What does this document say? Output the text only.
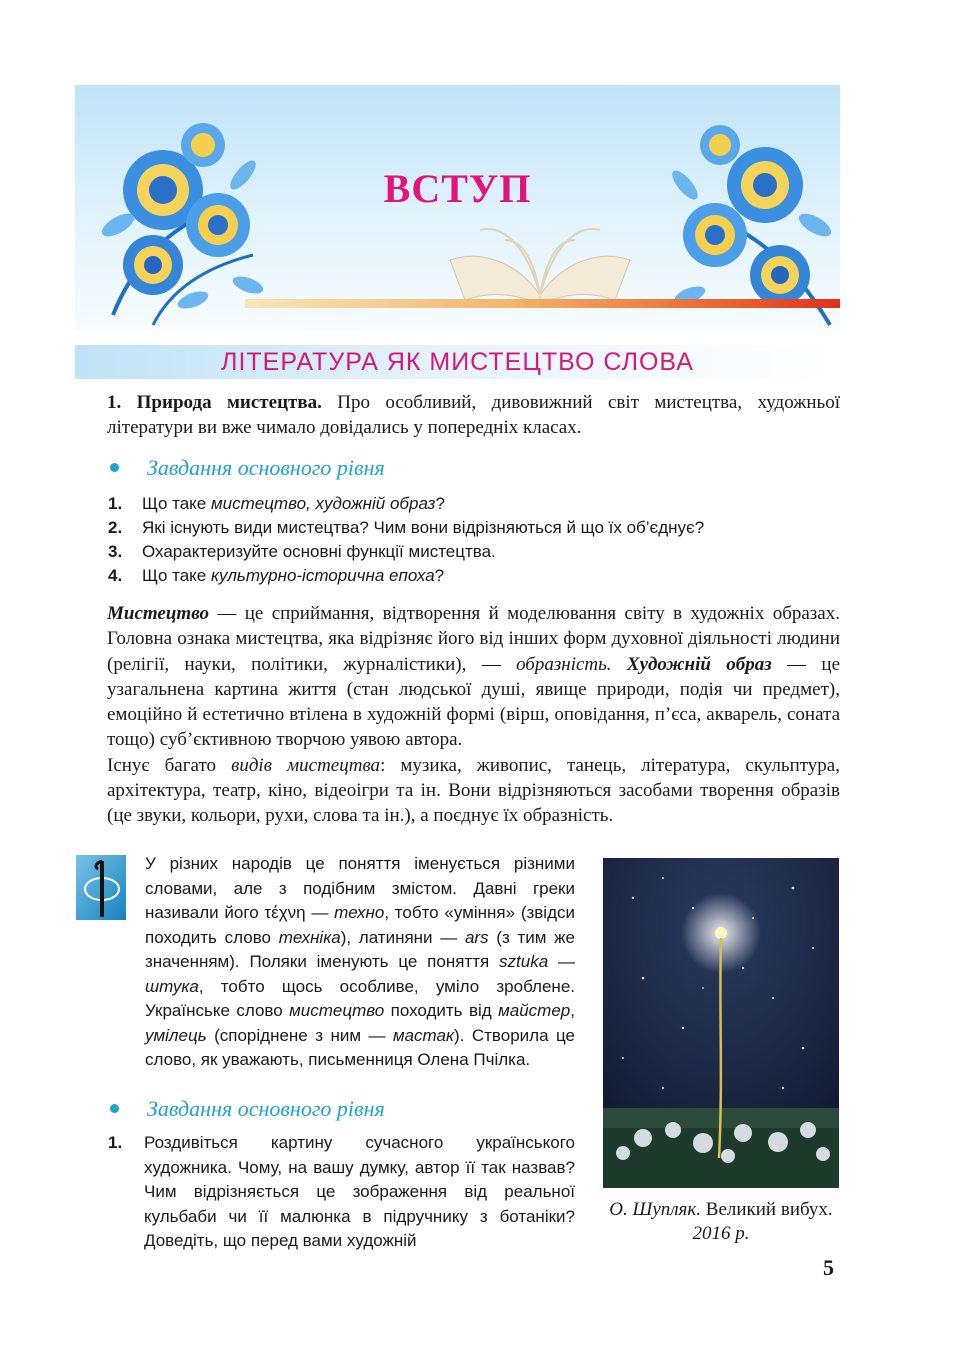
ВСТУП
ЛІТЕРАТУРА ЯК МИСТЕЦТВО СЛОВА
1. Природа мистецтва. Про особливий, дивовижний світ мистецтва, художньої літератури ви вже чимало довідались у попередніх класах.
Завдання основного рівня
1. Що таке мистецтво, художній образ?
2. Які існують види мистецтва? Чим вони відрізняються й що їх об’єднує?
3. Охарактеризуйте основні функції мистецтва.
4. Що таке культурно-історична епоха?
Мистецтво — це сприймання, відтворення й моделювання світу в художніх образах. Головна ознака мистецтва, яка відрізняє його від інших форм духовної діяльності людини (релігії, науки, політики, журналістики), — образність. Художній образ — це узагальнена картина життя (стан людської душі, явище природи, подія чи предмет), емоційно й естетично втілена в художній формі (вірш, оповідання, п’єса, акварель, соната тощо) суб’єктивною творчою уявою автора.
Існує багато видів мистецтва: музика, живопис, танець, література, скульптура, архітектура, театр, кіно, відеоігри та ін. Вони відрізняються засобами творення образів (це звуки, кольори, рухи, слова та ін.), а поєднує їх образність.
У різних народів це поняття іменується різними словами, але з подібним змістом. Давні греки називали його τέχνη — техно, тобто «уміння» (звідси походить слово техніка), латиняни — ars (з тим же значенням). Поляки іменують це поняття sztuka — штука, тобто щось особливе, уміло зроблене. Українське слово мистецтво походить від майстер, умілець (споріднене з ним — мастак). Створила це слово, як уважають, письменниця Олена Пчілка.
Завдання основного рівня
1.	Роздивіться картину сучасного українського художника. Чому, на вашу думку, автор її так назвав? Чим відрізняється це зображення від реальної кульбаби чи її малюнка в підручнику з ботаніки? Доведіть, що перед вами художній
О. Шупляк. Великий вибух.
2016 р.
5
